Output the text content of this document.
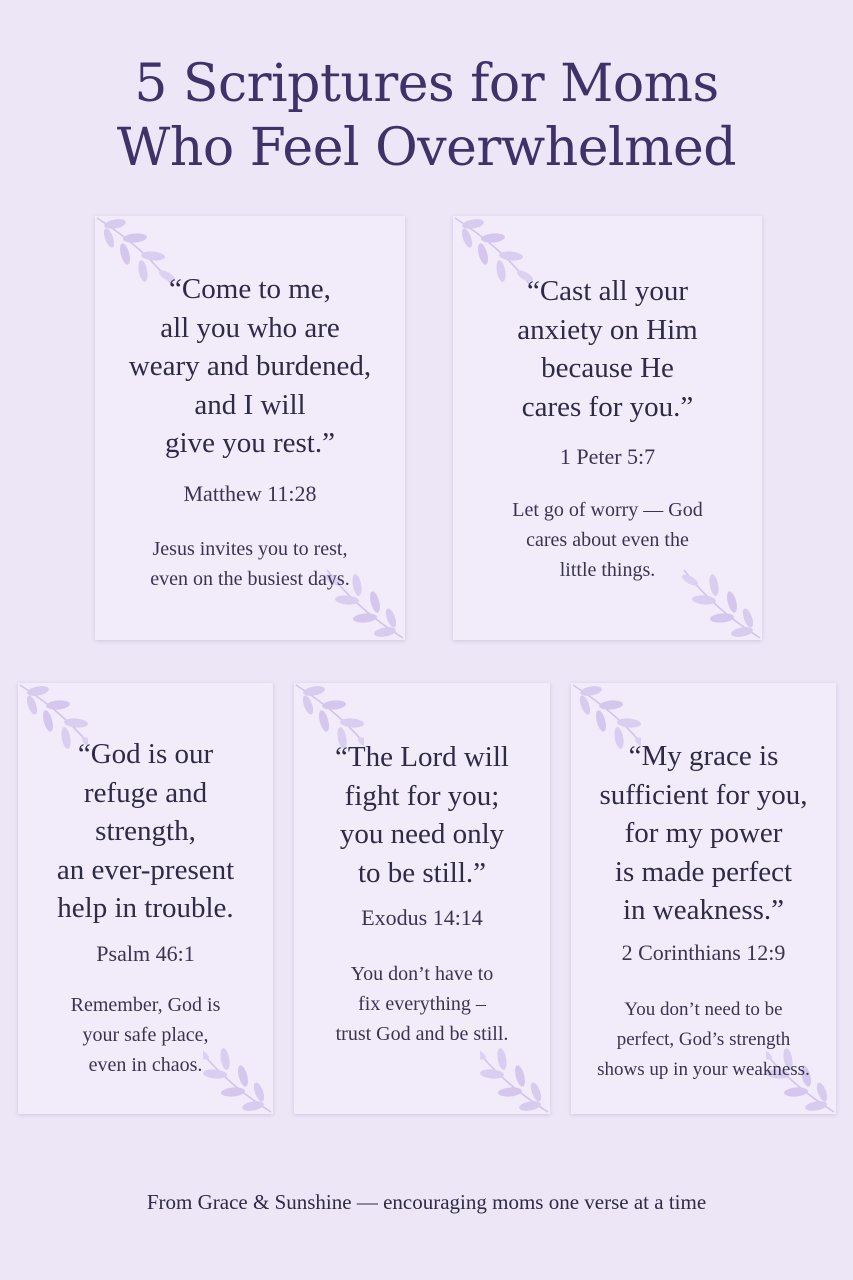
5 Scriptures for Moms
Who Feel Overwhelmed
“Come to me,
all you who are
weary and burdened,
and I will
give you rest.”
Matthew 11:28
Jesus invites you to rest,
even on the busiest days.
“Cast all your
anxiety on Him
because He
cares for you.”
1 Peter 5:7
Let go of worry — God
cares about even the
little things.
“God is our
refuge and
strength,
an ever-present
help in trouble.
Psalm 46:1
Remember, God is
your safe place,
even in chaos.
“The Lord will
fight for you;
you need only
to be still.”
Exodus 14:14
You don’t have to
fix everything –
trust God and be still.
“My grace is
sufficient for you,
for my power
is made perfect
in weakness.”
2 Corinthians 12:9
You don’t need to be
perfect, God’s strength
shows up in your weakness.
From Grace & Sunshine — encouraging moms one verse at a time
